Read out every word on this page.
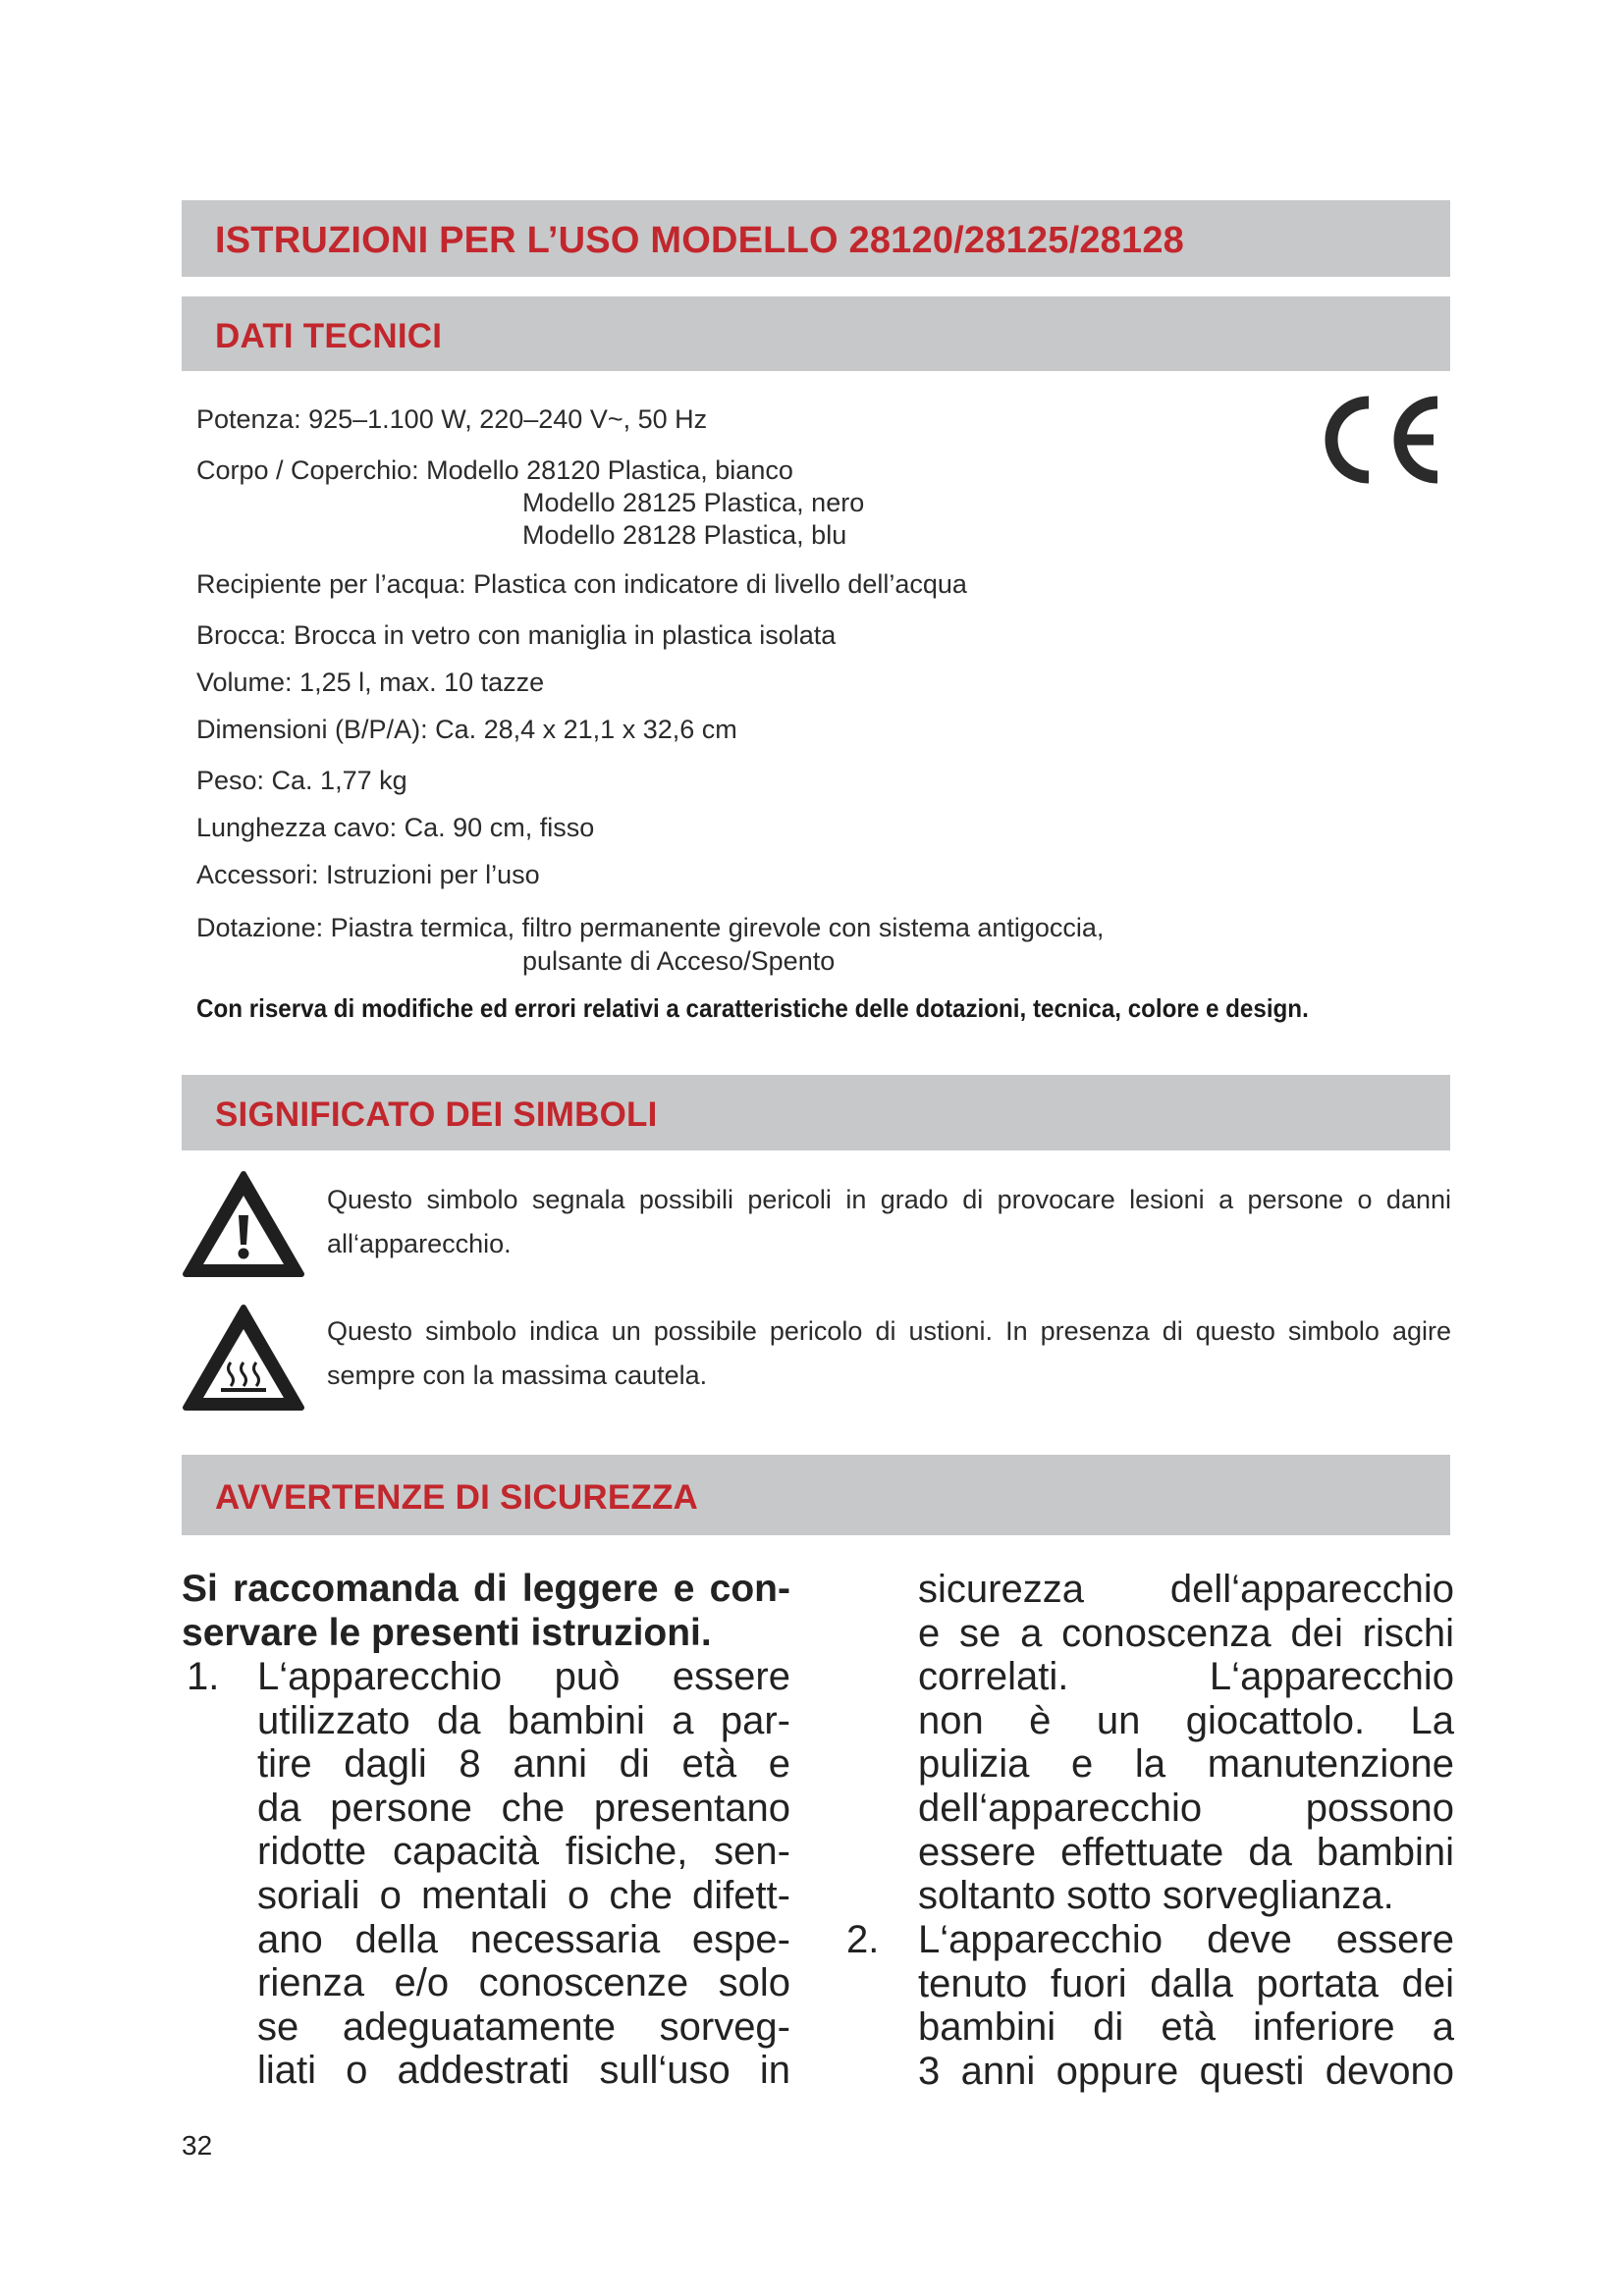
ISTRUZIONI PER L’USO MODELLO 28120/28125/28128
DATI TECNICI
Potenza: 925–1.100 W, 220–240 V~, 50 Hz
Corpo / Coperchio: Modello 28120 Plastica, bianco
Modello 28125 Plastica, nero
Modello 28128 Plastica, blu
Recipiente per l’acqua: Plastica con indicatore di livello dell’acqua
Brocca: Brocca in vetro con maniglia in plastica isolata
Volume: 1,25 l, max. 10 tazze
Dimensioni (B/P/A): Ca. 28,4 x 21,1 x 32,6 cm
Peso: Ca. 1,77 kg
Lunghezza cavo: Ca. 90 cm, fisso
Accessori: Istruzioni per l’uso
Dotazione: Piastra termica, filtro permanente girevole con sistema antigoccia,
pulsante di Acceso/Spento
Con riserva di modifiche ed errori relativi a caratteristiche delle dotazioni, tecnica, colore e design.
SIGNIFICATO DEI SIMBOLI
Questo simbolo segnala possibili pericoli in grado di provocare lesioni a persone o danni all‘apparecchio.
Questo simbolo indica un possibile pericolo di ustioni. In presenza di questo simbolo agire sempre con la massima cautela.
AVVERTENZE DI SICUREZZA
Si raccomanda di leggere e con-
servare le presenti istruzioni.
1. L‘apparecchio può essere
utilizzato da bambini a par-
tire dagli 8 anni di età e
da persone che presentano
ridotte capacità fisiche, sen-
soriali o mentali o che difett-
ano della necessaria espe-
rienza e/o conoscenze solo
se adeguatamente sorveg-
liati o addestrati sull‘uso in
sicurezza dell‘apparecchio
e se a conoscenza dei rischi
correlati. L‘apparecchio
non è un giocattolo. La
pulizia e la manutenzione
dell‘apparecchio possono
essere effettuate da bambini
soltanto sotto sorveglianza.
2. L‘apparecchio deve essere
tenuto fuori dalla portata dei
bambini di età inferiore a
3 anni oppure questi devono
32
